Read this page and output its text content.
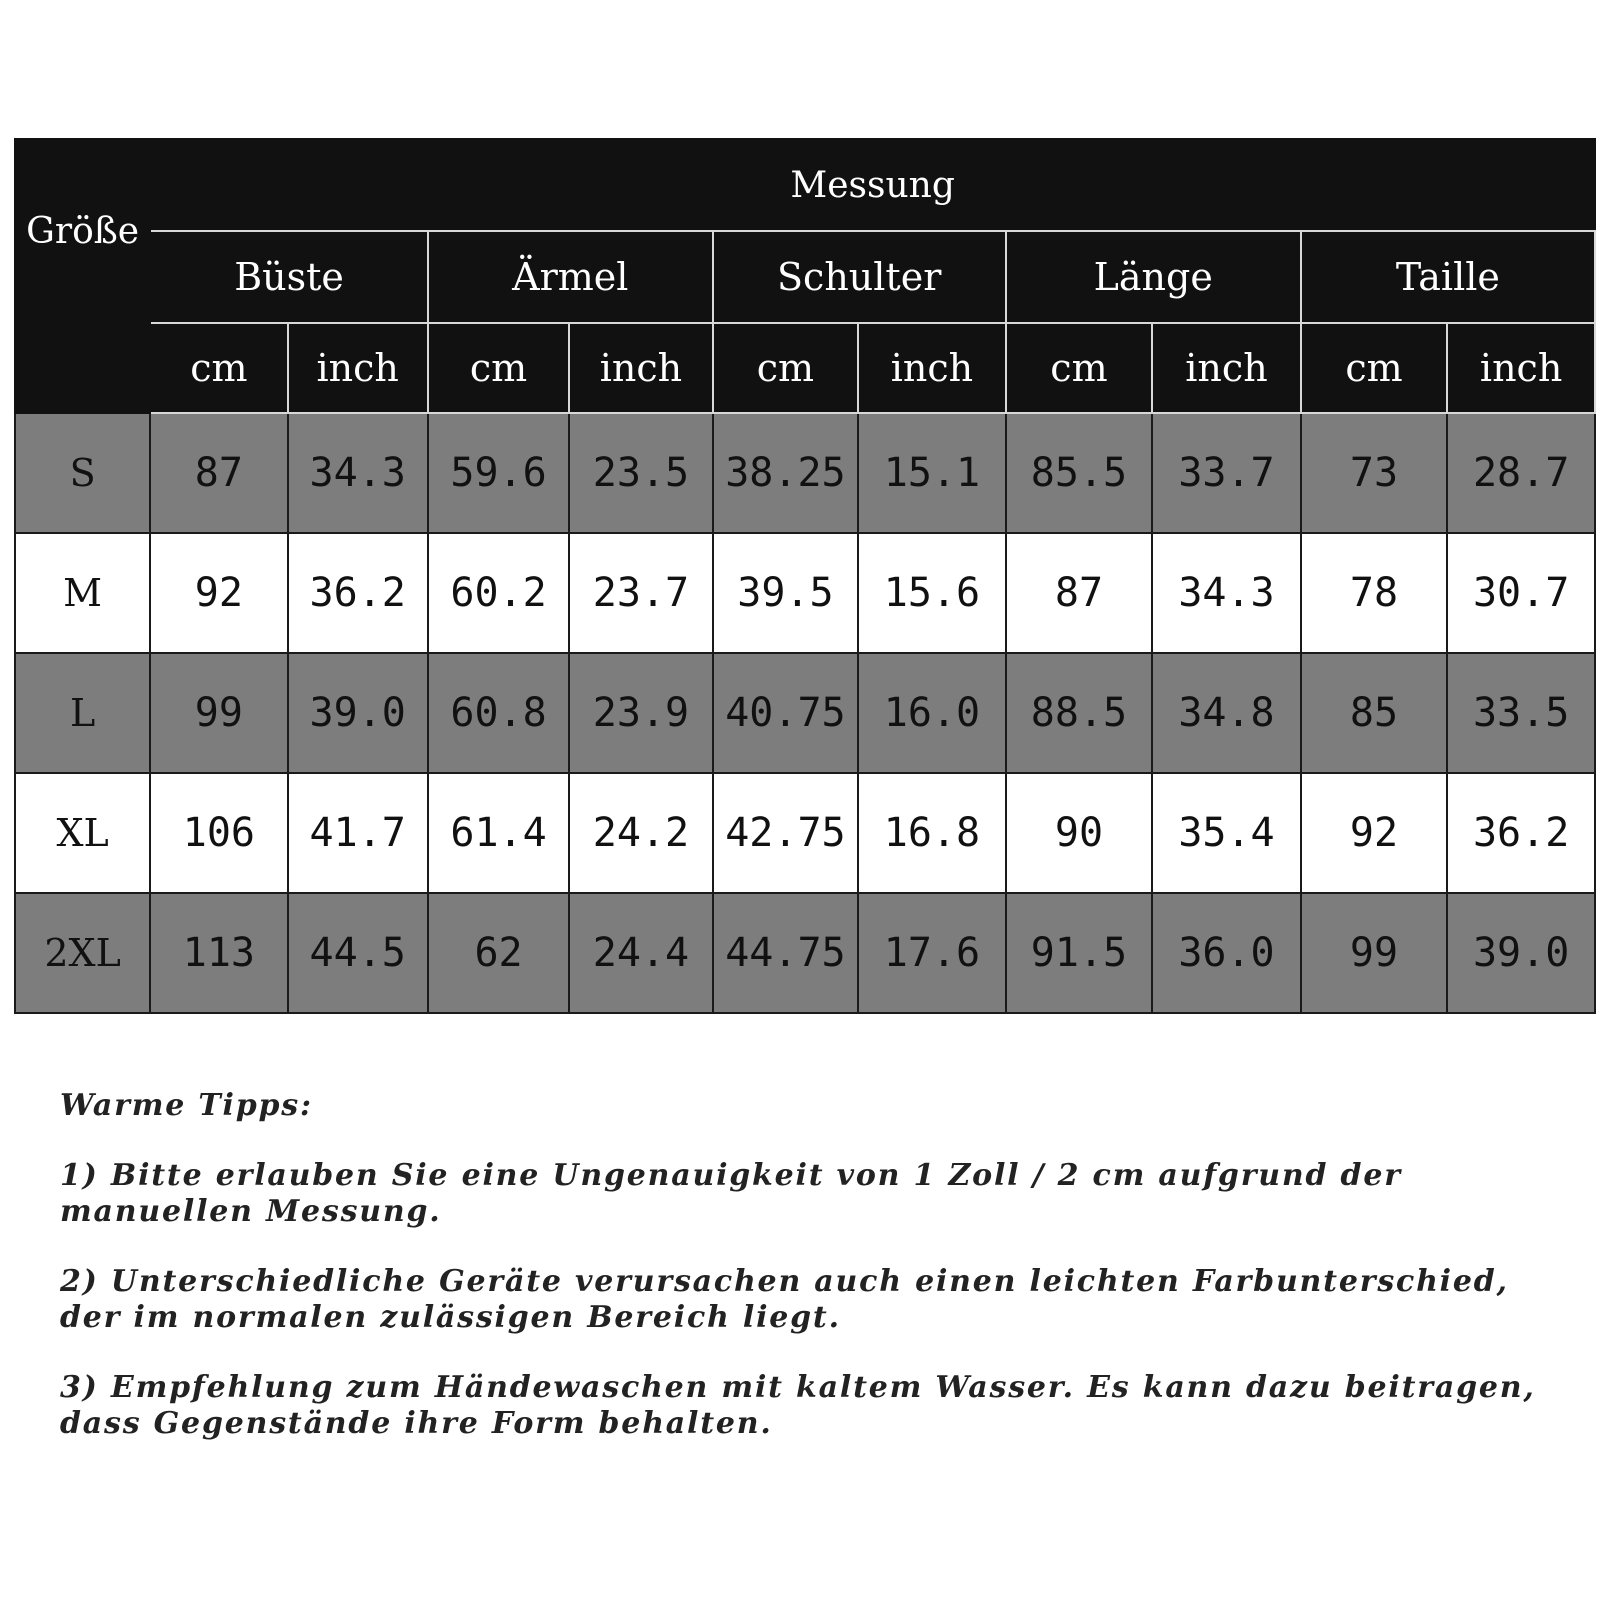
Größe	Messung									
	Büste		Ärmel		Schulter		Länge		Taille	
	cm	inch	cm	inch	cm	inch	cm	inch	cm	inch
S	87	34.3	59.6	23.5	38.25	15.1	85.5	33.7	73	28.7
M	92	36.2	60.2	23.7	39.5	15.6	87	34.3	78	30.7
L	99	39.0	60.8	23.9	40.75	16.0	88.5	34.8	85	33.5
XL	106	41.7	61.4	24.2	42.75	16.8	90	35.4	92	36.2
2XL	113	44.5	62	24.4	44.75	17.6	91.5	36.0	99	39.0

Warme Tipps:

1) Bitte erlauben Sie eine Ungenauigkeit von 1 Zoll / 2 cm aufgrund der manuellen Messung.

2) Unterschiedliche Geräte verursachen auch einen leichten Farbunterschied, der im normalen zulässigen Bereich liegt.

3) Empfehlung zum Händewaschen mit kaltem Wasser. Es kann dazu beitragen, dass Gegenstände ihre Form behalten.
